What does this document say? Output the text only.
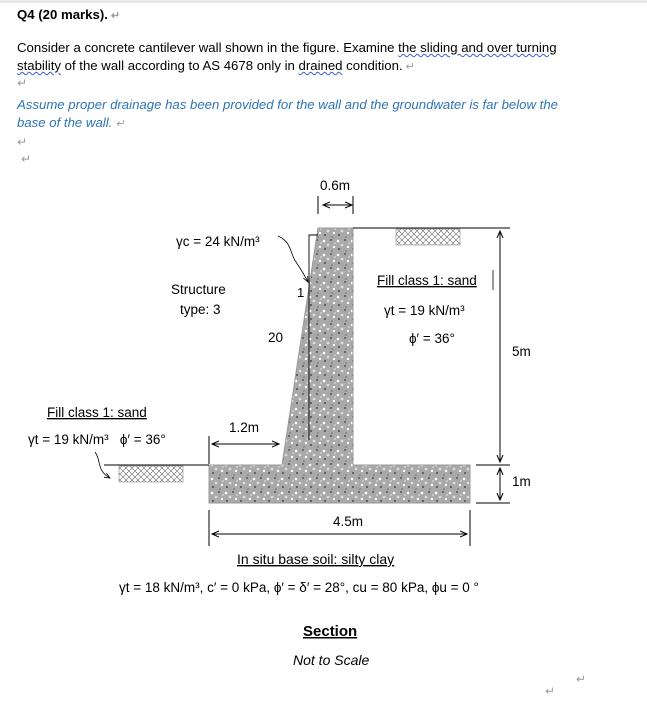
Q4 (20 marks). ↵
Consider a concrete cantilever wall shown in the figure. Examine the sliding and over turning
stability of the wall according to AS 4678 only in drained condition. ↵
↵
Assume proper drainage has been provided for the wall and the groundwater is far below the
base of the wall. ↵
↵
↵
0.6m
5m
1m
4.5m
1.2m
1
20
γc = 24 kN/m³
Structure
type: 3
Fill class 1: sand
γt = 19 kN/m³
ϕ′ = 36°
Fill class 1: sand
γt = 19 kN/m³   ϕ′ = 36°
In situ base soil: silty clay
γt = 18 kN/m³, c′ = 0 kPa, ϕ′ = δ′ = 28°, cu = 80 kPa, ϕu = 0 °
Section
Not to Scale
↵
↵
